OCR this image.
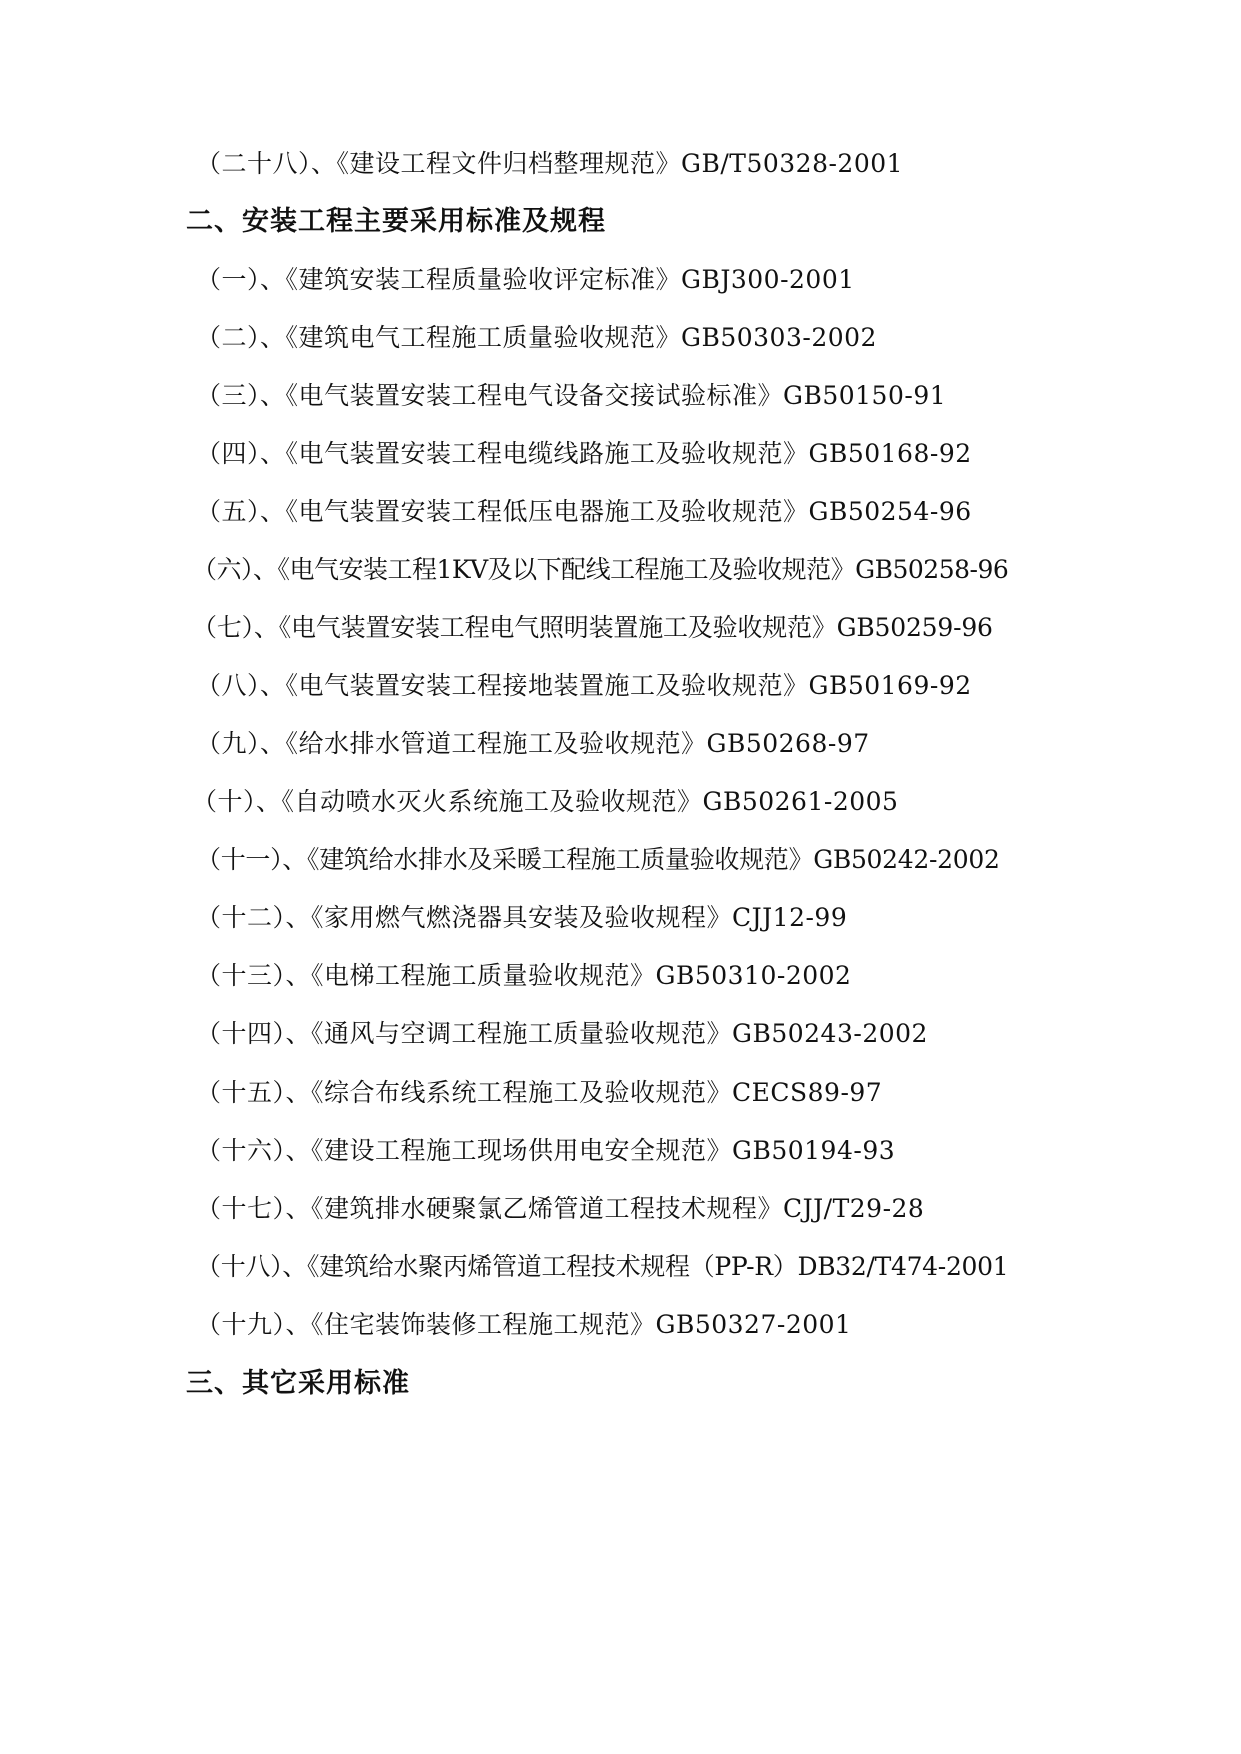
（二十八）、《建设工程文件归档整理规范》GB/T50328-2001
二、安装工程主要采用标准及规程
（一）、《建筑安装工程质量验收评定标准》GBJ300-2001
（二）、《建筑电气工程施工质量验收规范》GB50303-2002
（三）、《电气装置安装工程电气设备交接试验标准》GB50150-91
（四）、《电气装置安装工程电缆线路施工及验收规范》GB50168-92
（五）、《电气装置安装工程低压电器施工及验收规范》GB50254-96
（六）、《电气安装工程1KV及以下配线工程施工及验收规范》GB50258-96
（七）、《电气装置安装工程电气照明装置施工及验收规范》GB50259-96
（八）、《电气装置安装工程接地装置施工及验收规范》GB50169-92
（九）、《给水排水管道工程施工及验收规范》GB50268-97
（十）、《自动喷水灭火系统施工及验收规范》GB50261-2005
（十一）、《建筑给水排水及采暖工程施工质量验收规范》GB50242-2002
（十二）、《家用燃气燃浇器具安装及验收规程》CJJ12-99
（十三）、《电梯工程施工质量验收规范》GB50310-2002
（十四）、《通风与空调工程施工质量验收规范》GB50243-2002
（十五）、《综合布线系统工程施工及验收规范》CECS89-97
（十六）、《建设工程施工现场供用电安全规范》GB50194-93
（十七）、《建筑排水硬聚氯乙烯管道工程技术规程》CJJ/T29-28
（十八）、《建筑给水聚丙烯管道工程技术规程（PP-R）DB32/T474-2001
（十九）、《住宅装饰装修工程施工规范》GB50327-2001
三、其它采用标准
